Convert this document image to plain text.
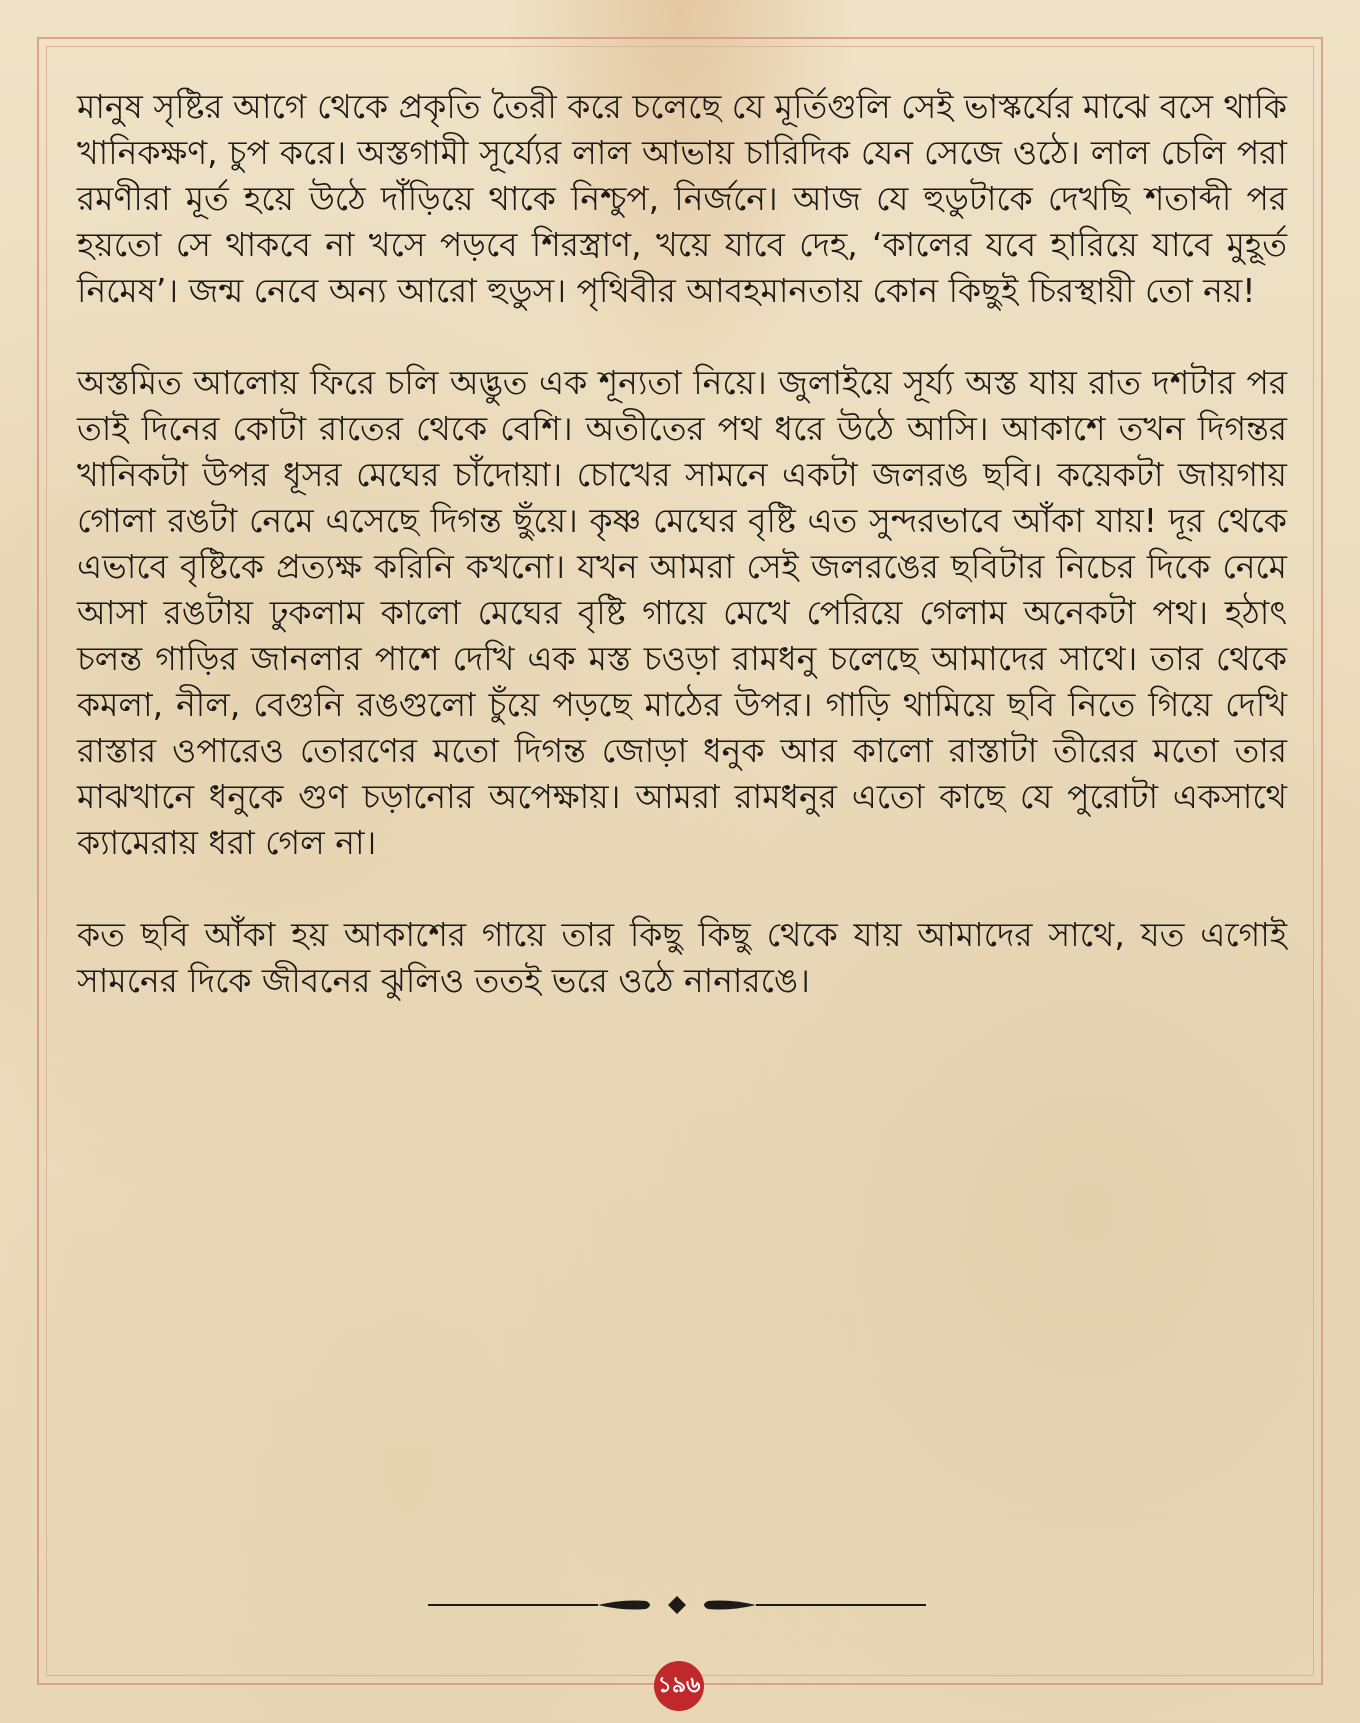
মানুষ সৃষ্টির আগে থেকে প্রকৃতি তৈরী করে চলেছে যে মূর্তিগুলি সেই ভাস্কর্যের মাঝে বসে থাকি খানিকক্ষণ, চুপ করে। অস্তগামী সূর্য্যের লাল আভায় চারিদিক যেন সেজে ওঠে। লাল চেলি পরা রমণীরা মূর্ত হয়ে উঠে দাঁড়িয়ে থাকে নিশ্চুপ, নির্জনে। আজ যে হুডুটাকে দেখছি শতাব্দী পর হয়তো সে থাকবে না খসে পড়বে শিরস্ত্রাণ, খয়ে যাবে দেহ, ‘কালের যবে হারিয়ে যাবে মুহূর্ত নিমেষ’। জন্ম নেবে অন্য আরো হুডুস। পৃথিবীর আবহমানতায় কোন কিছুই চিরস্থায়ী তো নয়!

অস্তমিত আলোয় ফিরে চলি অদ্ভুত এক শূন্যতা নিয়ে। জুলাইয়ে সূর্য্য অস্ত যায় রাত দশটার পর তাই দিনের কোটা রাতের থেকে বেশি। অতীতের পথ ধরে উঠে আসি। আকাশে তখন দিগন্তর খানিকটা উপর ধূসর মেঘের চাঁদোয়া। চোখের সামনে একটা জলরঙ ছবি। কয়েকটা জায়গায় গোলা রঙটা নেমে এসেছে দিগন্ত ছুঁয়ে। কৃষ্ণ মেঘের বৃষ্টি এত সুন্দরভাবে আঁকা যায়! দূর থেকে এভাবে বৃষ্টিকে প্রত্যক্ষ করিনি কখনো। যখন আমরা সেই জলরঙের ছবিটার নিচের দিকে নেমে আসা রঙটায় ঢুকলাম কালো মেঘের বৃষ্টি গায়ে মেখে পেরিয়ে গেলাম অনেকটা পথ। হঠাৎ চলন্ত গাড়ির জানলার পাশে দেখি এক মস্ত চওড়া রামধনু চলেছে আমাদের সাথে। তার থেকে কমলা, নীল, বেগুনি রঙগুলো চুঁয়ে পড়ছে মাঠের উপর। গাড়ি থামিয়ে ছবি নিতে গিয়ে দেখি রাস্তার ওপারেও তোরণের মতো দিগন্ত জোড়া ধনুক আর কালো রাস্তাটা তীরের মতো তার মাঝখানে ধনুকে গুণ চড়ানোর অপেক্ষায়। আমরা রামধনুর এতো কাছে যে পুরোটা একসাথে ক্যামেরায় ধরা গেল না।

কত ছবি আঁকা হয় আকাশের গায়ে তার কিছু কিছু থেকে যায় আমাদের সাথে, যত এগোই সামনের দিকে জীবনের ঝুলিও ততই ভরে ওঠে নানারঙে।

১৯৬
